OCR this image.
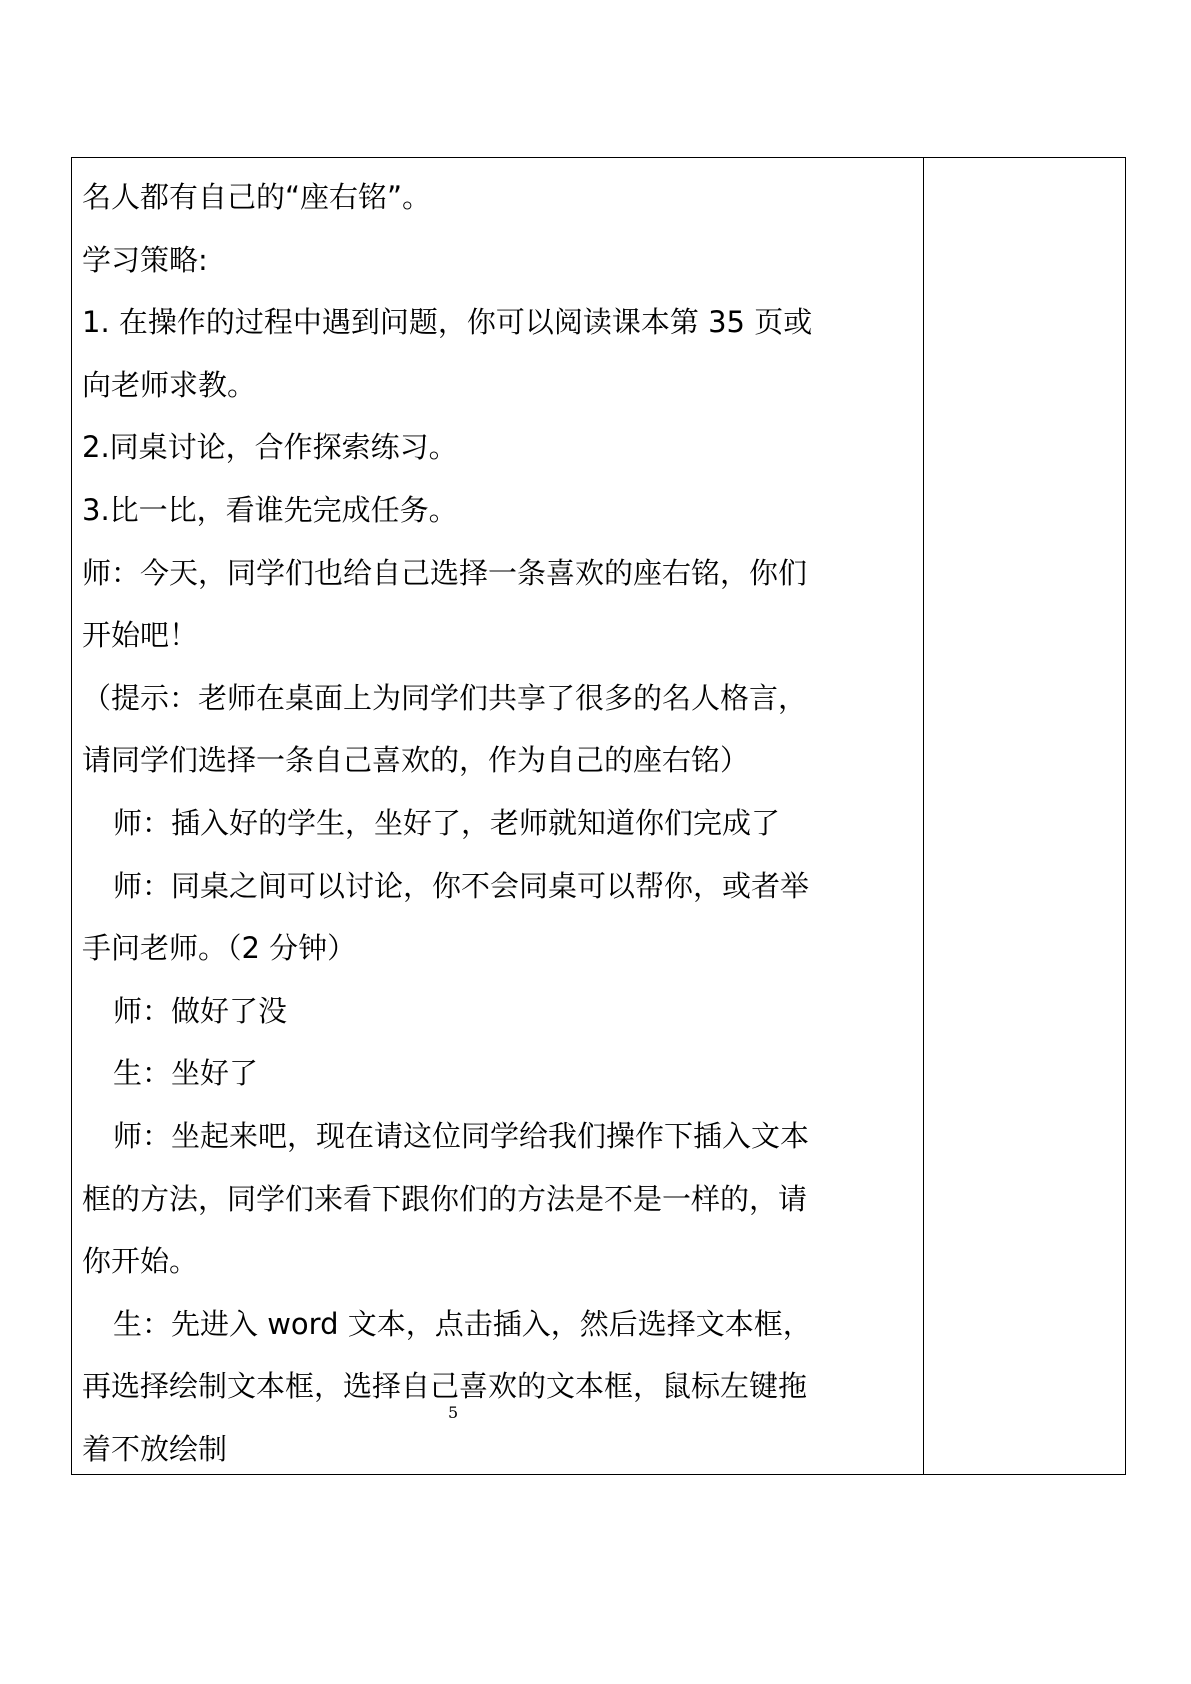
名人都有自己的“座右铭”。

学习策略:

1. 在操作的过程中遇到问题，你可以阅读课本第 35 页或

向老师求教。

2.同桌讨论，合作探索练习。

3.比一比，看谁先完成任务。

师：今天，同学们也给自己选择一条喜欢的座右铭，你们

开始吧！

（提示：老师在桌面上为同学们共享了很多的名人格言，

请同学们选择一条自己喜欢的，作为自己的座右铭）

师：插入好的学生，坐好了，老师就知道你们完成了

师：同桌之间可以讨论，你不会同桌可以帮你，或者举

手问老师。（2 分钟）

师：做好了没

生：坐好了

师：坐起来吧，现在请这位同学给我们操作下插入文本

框的方法，同学们来看下跟你们的方法是不是一样的，请

你开始。

生：先进入 word 文本，点击插入，然后选择文本框，

再选择绘制文本框，选择自己喜欢的文本框，鼠标左键拖

着不放绘制

5
